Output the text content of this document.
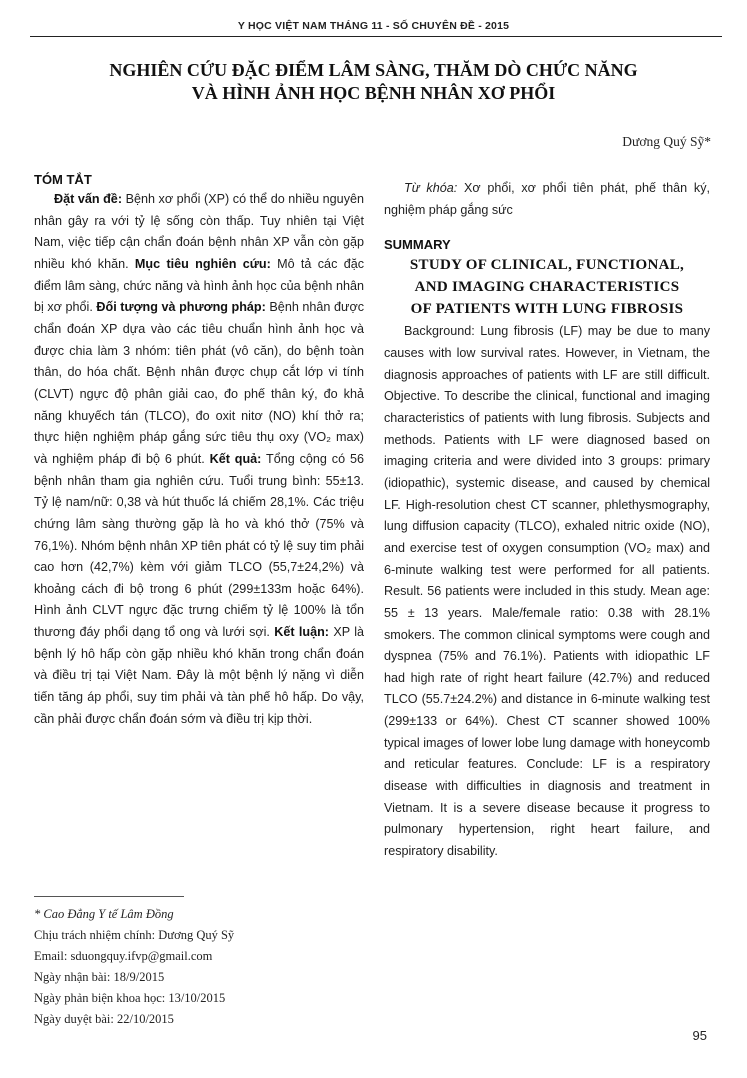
Y HỌC VIỆT NAM THÁNG 11 - SỐ CHUYÊN ĐỀ - 2015
NGHIÊN CỨU ĐẶC ĐIỂM LÂM SÀNG, THĂM DÒ CHỨC NĂNG
VÀ HÌNH ẢNH HỌC BỆNH NHÂN XƠ PHỔI
Dương Quý Sỹ*
TÓM TẮT

Đặt vấn đề: Bệnh xơ phổi (XP) có thể do nhiều nguyên nhân gây ra với tỷ lệ sống còn thấp. Tuy nhiên tại Việt Nam, việc tiếp cận chẩn đoán bệnh nhân XP vẫn còn gặp nhiều khó khăn. Mục tiêu nghiên cứu: Mô tả các đặc điểm lâm sàng, chức năng và hình ảnh học của bệnh nhân bị xơ phổi. Đối tượng và phương pháp: Bệnh nhân được chẩn đoán XP dựa vào các tiêu chuẩn hình ảnh học và được chia làm 3 nhóm: tiên phát (vô căn), do bệnh toàn thân, do hóa chất. Bệnh nhân được chụp cắt lớp vi tính (CLVT) ngực độ phân giải cao, đo phế thân ký, đo khả năng khuyếch tán (TLCO), đo oxit nitơ (NO) khí thở ra; thực hiện nghiệm pháp gắng sức tiêu thụ oxy (VO₂ max) và nghiệm pháp đi bộ 6 phút. Kết quả: Tổng cộng có 56 bệnh nhân tham gia nghiên cứu. Tuổi trung bình: 55±13. Tỷ lệ nam/nữ: 0,38 và hút thuốc lá chiếm 28,1%. Các triệu chứng lâm sàng thường gặp là ho và khó thở (75% và 76,1%). Nhóm bệnh nhân XP tiên phát có tỷ lệ suy tim phải cao hơn (42,7%) kèm với giảm TLCO (55,7±24,2%) và khoảng cách đi bộ trong 6 phút (299±133m hoặc 64%). Hình ảnh CLVT ngực đặc trưng chiếm tỷ lệ 100% là tổn thương đáy phổi dạng tổ ong và lưới sợi. Kết luận: XP là bệnh lý hô hấp còn gặp nhiều khó khăn trong chẩn đoán và điều trị tại Việt Nam. Đây là một bệnh lý nặng vì diễn tiến tăng áp phổi, suy tim phải và tàn phế hô hấp. Do vậy, cần phải được chẩn đoán sớm và điều trị kịp thời.

Từ khóa: Xơ phổi, xơ phổi tiên phát, phế thân ký, nghiệm pháp gắng sức

SUMMARY
STUDY OF CLINICAL, FUNCTIONAL,
AND IMAGING CHARACTERISTICS
OF PATIENTS WITH LUNG FIBROSIS

Background: Lung fibrosis (LF) may be due to many causes with low survival rates. However, in Vietnam, the diagnosis approaches of patients with LF are still difficult. Objective. To describe the clinical, functional and imaging characteristics of patients with lung fibrosis. Subjects and methods. Patients with LF were diagnosed based on imaging criteria and were divided into 3 groups: primary (idiopathic), systemic disease, and caused by chemical LF. High-resolution chest CT scanner, phlethysmography, lung diffusion capacity (TLCO), exhaled nitric oxide (NO), and exercise test of oxygen consumption (VO₂ max) and 6-minute walking test were performed for all patients. Result. 56 patients were included in this study. Mean age: 55 ± 13 years. Male/female ratio: 0.38 with 28.1% smokers. The common clinical symptoms were cough and dyspnea (75% and 76.1%). Patients with idiopathic LF had high rate of right heart failure (42.7%) and reduced TLCO (55.7±24.2%) and distance in 6-minute walking test (299±133 or 64%). Chest CT scanner showed 100% typical images of lower lobe lung damage with honeycomb and reticular features. Conclude: LF is a respiratory disease with difficulties in diagnosis and treatment in Vietnam. It is a severe disease because it progress to pulmonary hypertension, right heart failure, and respiratory disability.

* Cao Đẳng Y tế Lâm Đồng
Chịu trách nhiệm chính: Dương Quý Sỹ
Email: sduongquy.ifvp@gmail.com
Ngày nhận bài: 18/9/2015
Ngày phản biện khoa học: 13/10/2015
Ngày duyệt bài: 22/10/2015
95
